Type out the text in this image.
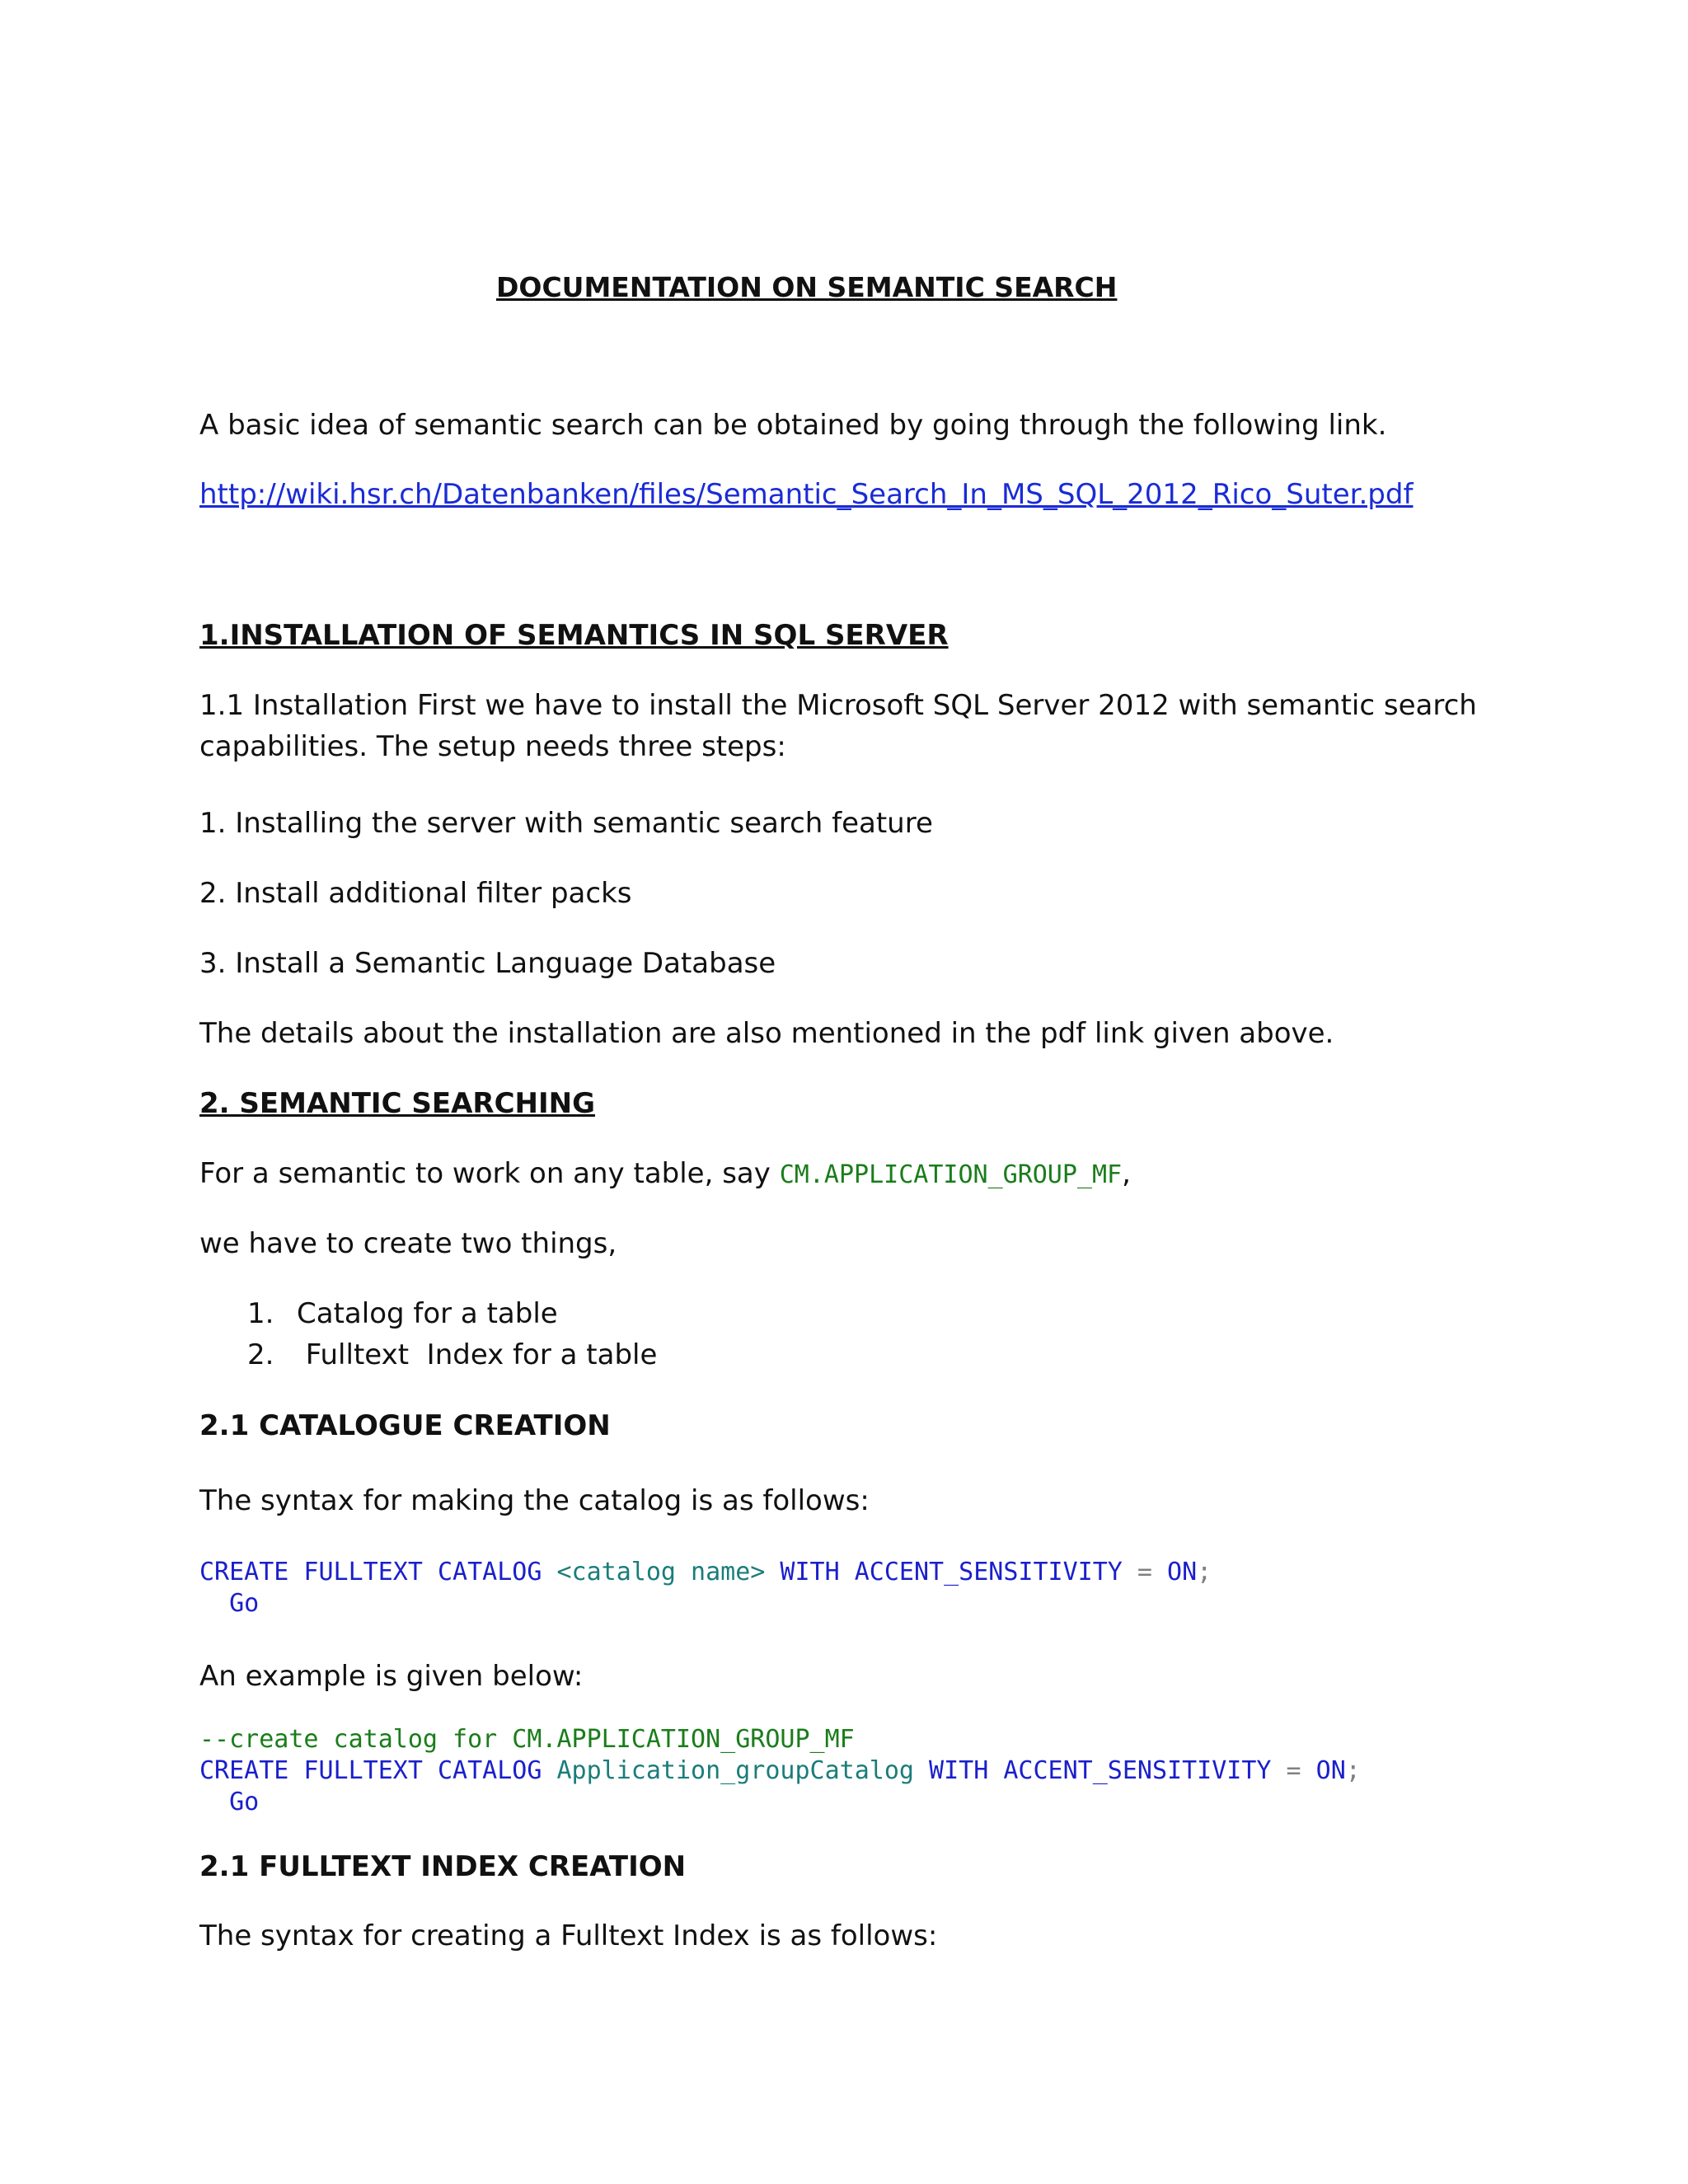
DOCUMENTATION ON SEMANTIC SEARCH
A basic idea of semantic search can be obtained by going through the following link.
http://wiki.hsr.ch/Datenbanken/files/Semantic_Search_In_MS_SQL_2012_Rico_Suter.pdf
1.INSTALLATION OF SEMANTICS IN SQL SERVER
1.1 Installation First we have to install the Microsoft SQL Server 2012 with semantic search
capabilities. The setup needs three steps:
1. Installing the server with semantic search feature
2. Install additional filter packs
3. Install a Semantic Language Database
The details about the installation are also mentioned in the pdf link given above.
2. SEMANTIC SEARCHING
For a semantic to work on any table, say CM.APPLICATION_GROUP_MF,
we have to create two things,
1. Catalog for a table
2. Fulltext  Index for a table
2.1 CATALOGUE CREATION
The syntax for making the catalog is as follows:
CREATE FULLTEXT CATALOG <catalog name> WITH ACCENT_SENSITIVITY = ON;
Go
An example is given below:
--create catalog for CM.APPLICATION_GROUP_MF
CREATE FULLTEXT CATALOG Application_groupCatalog WITH ACCENT_SENSITIVITY = ON;
Go
2.1 FULLTEXT INDEX CREATION
The syntax for creating a Fulltext Index is as follows:
